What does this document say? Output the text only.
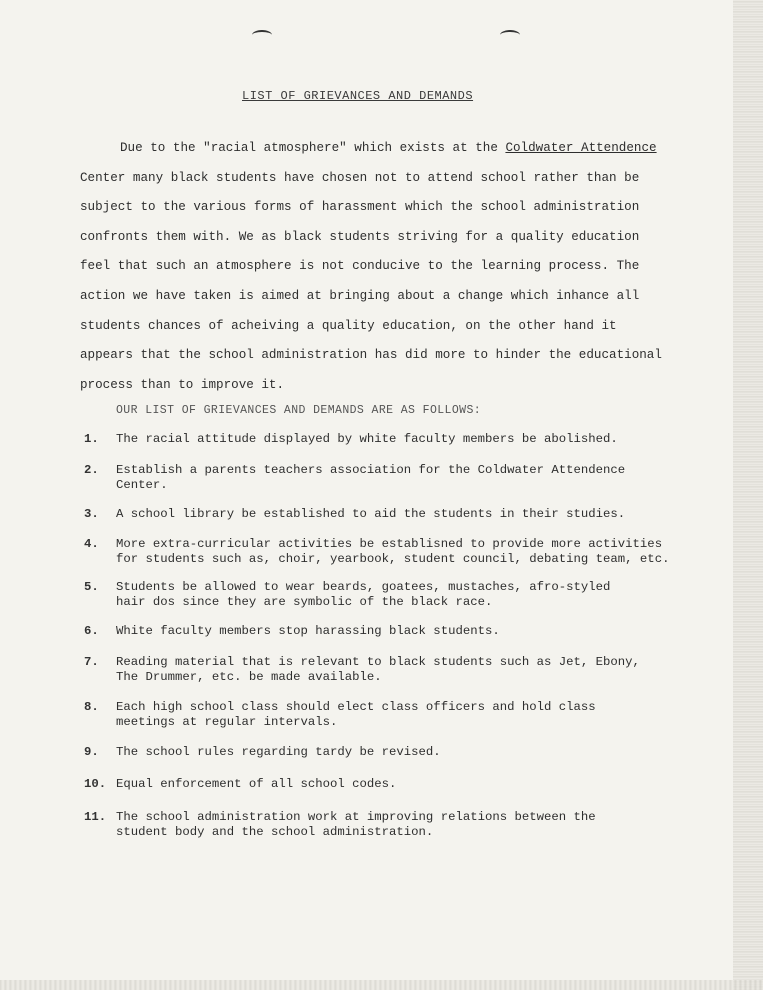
LIST OF GRIEVANCES AND DEMANDS
Due to the "racial atmosphere" which exists at the Coldwater Attendence
Center many black students have chosen not to attend school rather than be
subject to the various forms of harassment which the school administration
confronts them with. We as black students striving for a quality education
feel that such an atmosphere is not conducive to the learning process. The
action we have taken is aimed at bringing about a change which inhance all
students chances of acheiving a quality education, on the other hand it
appears that the school administration has did more to hinder the educational
process than to improve it.
OUR LIST OF GRIEVANCES AND DEMANDS ARE AS FOLLOWS:
1. The racial attitude displayed by white faculty members be abolished.
2. Establish a parents teachers association for the Coldwater Attendence
Center.
3. A school library be established to aid the students in their studies.
4. More extra-curricular activities be establisned to provide more activities
for students such as, choir, yearbook, student council, debating team, etc.
5. Students be allowed to wear beards, goatees, mustaches, afro-styled
hair dos since they are symbolic of the black race.
6. White faculty members stop harassing black students.
7. Reading material that is relevant to black students such as Jet, Ebony,
The Drummer, etc. be made available.
8. Each high school class should elect class officers and hold class
meetings at regular intervals.
9. The school rules regarding tardy be revised.
10. Equal enforcement of all school codes.
11. The school administration work at improving relations between the
student body and the school administration.
